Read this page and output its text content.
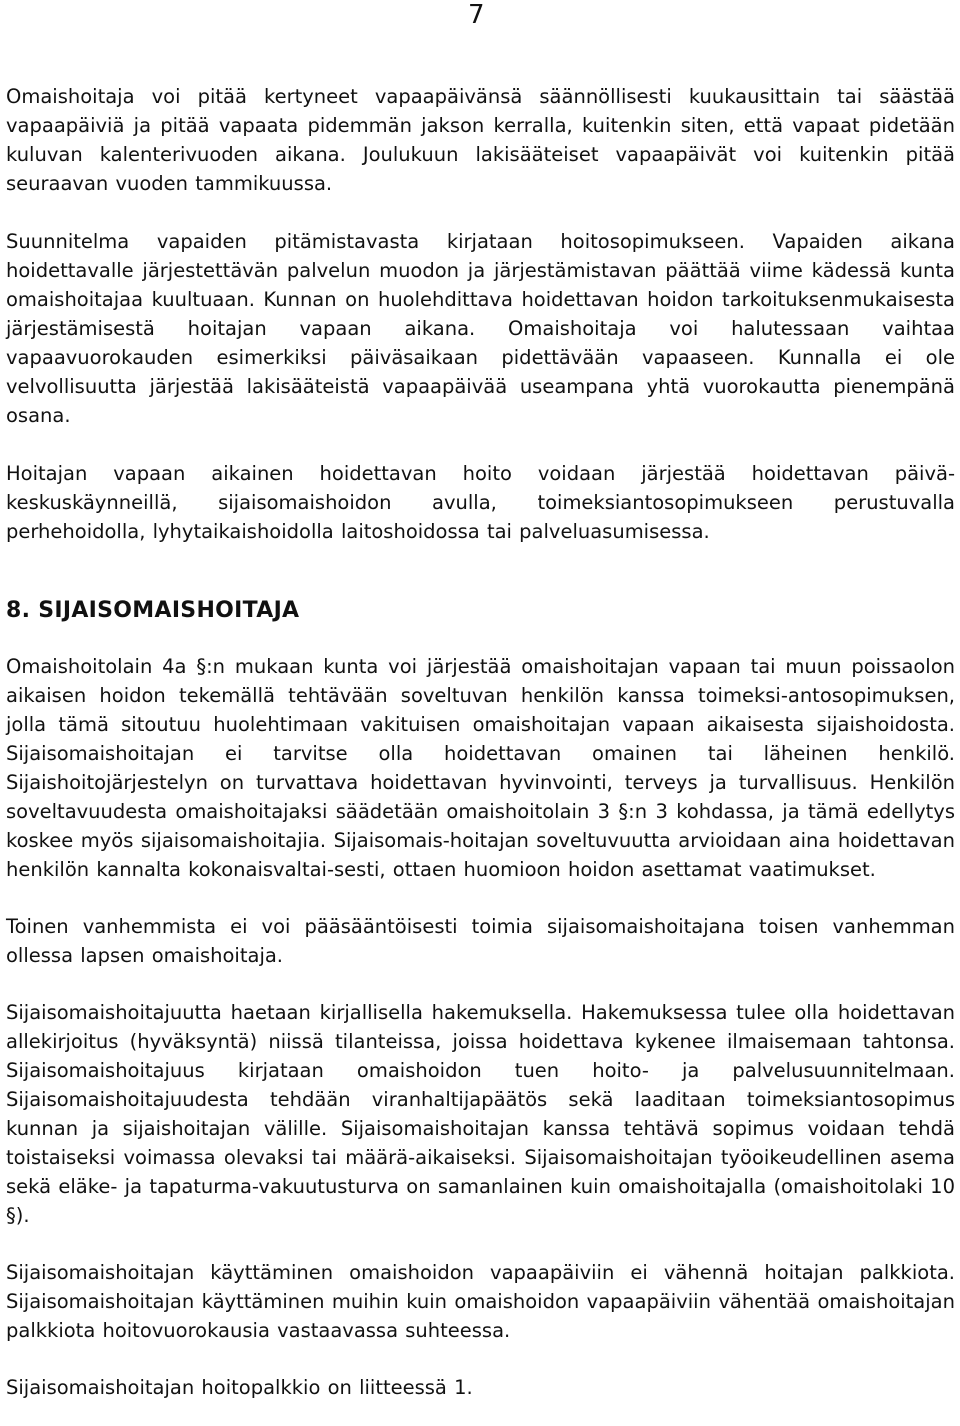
7

Omaishoitaja voi pitää kertyneet vapaapäivänsä säännöllisesti kuukausittain tai säästää vapaapäiviä ja pitää vapaata pidemmän jakson kerralla, kuitenkin siten, että vapaat pidetään kuluvan kalenterivuoden aikana. Joulukuun lakisääteiset vapaapäivät voi kuitenkin pitää seuraavan vuoden tammikuussa.

Suunnitelma vapaiden pitämistavasta kirjataan hoitosopimukseen. Vapaiden aikana hoidettavalle järjestettävän palvelun muodon ja järjestämistavan päättää viime kädessä kunta omaishoitajaa kuultuaan. Kunnan on huolehdittava hoidettavan hoidon tarkoituksenmukaisesta järjestämisestä hoitajan vapaan aikana. Omaishoitaja voi halutessaan vaihtaa vapaavuorokauden esimerkiksi päiväsaikaan pidettävään vapaaseen. Kunnalla ei ole velvollisuutta järjestää lakisääteistä vapaapäivää useampana yhtä vuorokautta pienempänä osana.

Hoitajan vapaan aikainen hoidettavan hoito voidaan järjestää hoidettavan päivä-keskuskäynneillä, sijaisomaishoidon avulla, toimeksiantosopimukseen perustuvalla perhehoidolla, lyhytaikaishoidolla laitoshoidossa tai palveluasumisessa.

8. SIJAISOMAISHOITAJA

Omaishoitolain 4a §:n mukaan kunta voi järjestää omaishoitajan vapaan tai muun poissaolon aikaisen hoidon tekemällä tehtävään soveltuvan henkilön kanssa toimeksi-antosopimuksen, jolla tämä sitoutuu huolehtimaan vakituisen omaishoitajan vapaan aikaisesta sijaishoidosta. Sijaisomaishoitajan ei tarvitse olla hoidettavan omainen tai läheinen henkilö. Sijaishoitojärjestelyn on turvattava hoidettavan hyvinvointi, terveys ja turvallisuus. Henkilön soveltavuudesta omaishoitajaksi säädetään omaishoitolain 3 §:n 3 kohdassa, ja tämä edellytys koskee myös sijaisomaishoitajia. Sijaisomais-hoitajan soveltuvuutta arvioidaan aina hoidettavan henkilön kannalta kokonaisvaltai-sesti, ottaen huomioon hoidon asettamat vaatimukset.

Toinen vanhemmista ei voi pääsääntöisesti toimia sijaisomaishoitajana toisen vanhemman ollessa lapsen omaishoitaja.

Sijaisomaishoitajuutta haetaan kirjallisella hakemuksella. Hakemuksessa tulee olla hoidettavan allekirjoitus (hyväksyntä) niissä tilanteissa, joissa hoidettava kykenee ilmaisemaan tahtonsa. Sijaisomaishoitajuus kirjataan omaishoidon tuen hoito- ja palvelusuunnitelmaan. Sijaisomaishoitajuudesta tehdään viranhaltijapäätös sekä laaditaan toimeksiantosopimus kunnan ja sijaishoitajan välille. Sijaisomaishoitajan kanssa tehtävä sopimus voidaan tehdä toistaiseksi voimassa olevaksi tai määrä-aikaiseksi. Sijaisomaishoitajan työoikeudellinen asema sekä eläke- ja tapaturma-vakuutusturva on samanlainen kuin omaishoitajalla (omaishoitolaki 10 §).

Sijaisomaishoitajan käyttäminen omaishoidon vapaapäiviin ei vähennä hoitajan palkkiota. Sijaisomaishoitajan käyttäminen muihin kuin omaishoidon vapaapäiviin vähentää omaishoitajan palkkiota hoitovuorokausia vastaavassa suhteessa.

Sijaisomaishoitajan hoitopalkkio on liitteessä 1.
